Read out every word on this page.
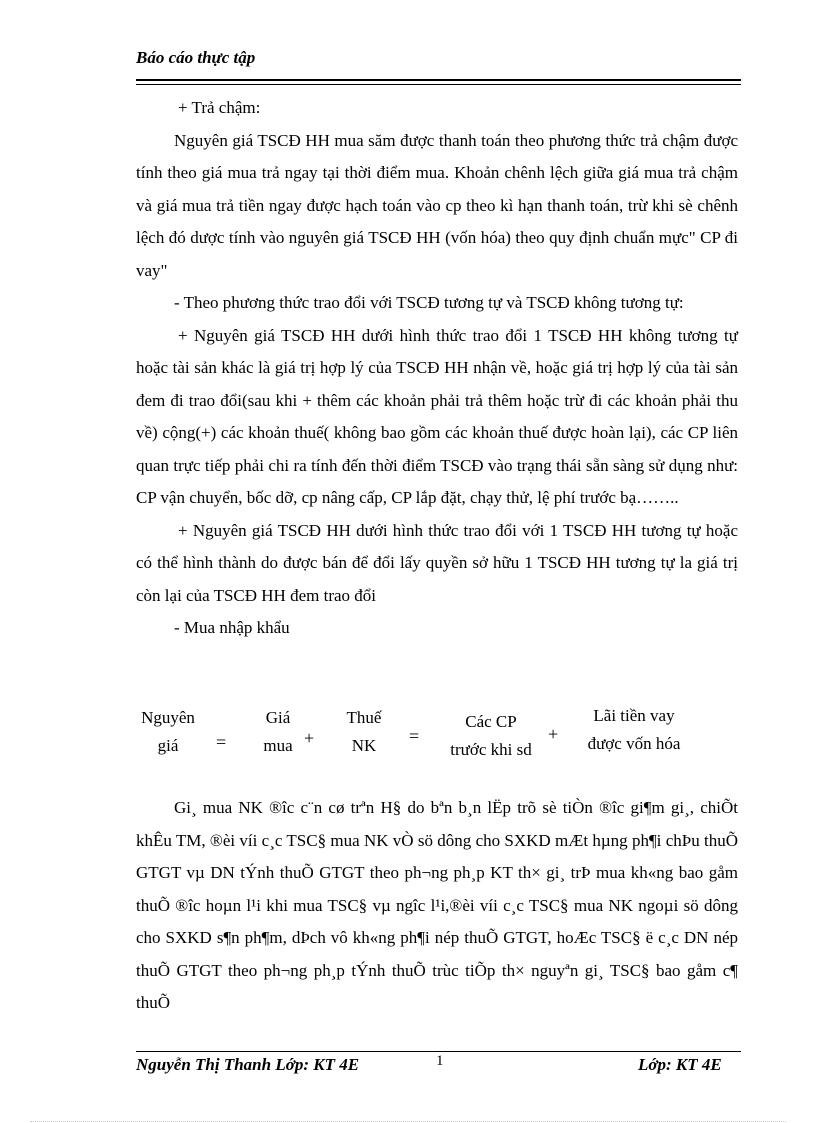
Báo cáo thực tập

+ Trả chậm:

Nguyên giá TSCĐ HH mua săm được thanh toán theo phương thức trả chậm được tính theo giá mua trả ngay tại thời điểm mua. Khoản chênh lệch giữa giá mua trả chậm và giá mua trả tiền ngay được hạch toán vào cp theo kì hạn thanh toán, trừ khi sè chênh lệch đó dược tính vào nguyên giá TSCĐ HH (vốn hóa) theo quy định chuẩn mực" CP đi vay"

- Theo phương thức trao đổi với TSCĐ tương tự và TSCĐ không tương tự:

+ Nguyên giá TSCĐ HH dưới hình thức trao đổi 1 TSCĐ HH không tương tự hoặc tài sản khác là giá trị hợp lý của TSCĐ HH nhận về, hoặc giá trị hợp lý của tài sản đem đi trao đổi(sau khi + thêm các khoản phải trả thêm hoặc trừ đi các khoản phải thu về) cộng(+) các khoản thuế( không bao gồm các khoản thuế được hoàn lại), các CP liên quan trực tiếp phải chi ra tính đến thời điểm TSCĐ vào trạng thái sẵn sàng sử dụng như: CP vận chuyển, bốc dỡ, cp nâng cấp, CP lắp đặt, chạy thử, lệ phí trước bạ……..

+ Nguyên giá TSCĐ HH dưới hình thức trao đổi với 1 TSCĐ HH tương tự hoặc có thể hình thành do được bán để đổi lấy quyền sở hữu 1 TSCĐ HH tương tự la giá trị còn lại của TSCĐ HH đem trao đổi

- Mua nhập khẩu

Nguyên
giá	=
Giá
mua +
Thuế
NK	=
Các CP
trước khi sd
+
Lãi tiền vay
được vốn hóa

Gi¸ mua NK ®îc c¨n cø trªn H§ do bªn b¸n lËp trõ sè tiÒn ®îc gi¶m gi¸, chiÕt khÊu TM, ®èi víi c¸c TSC§ mua NK vÒ sö dông cho SXKD mÆt hµng ph¶i chÞu thuÕ GTGT vµ DN tÝnh thuÕ GTGT theo ph¬ng ph¸p KT th× gi¸ trÞ mua kh«ng bao gåm thuÕ ®îc hoµn l¹i khi mua TSC§ vµ ngîc l¹i,®èi víi c¸c TSC§ mua NK ngoµi sö dông cho SXKD s¶n ph¶m, dÞch vô kh«ng ph¶i nép thuÕ GTGT, hoÆc TSC§ ë c¸c DN nép thuÕ GTGT theo ph¬ng ph¸p tÝnh thuÕ trùc tiÕp th× nguyªn gi¸ TSC§ bao gåm c¶ thuÕ

Nguyễn Thị Thanh Lớp: KT 4E	1	Lớp: KT 4E
